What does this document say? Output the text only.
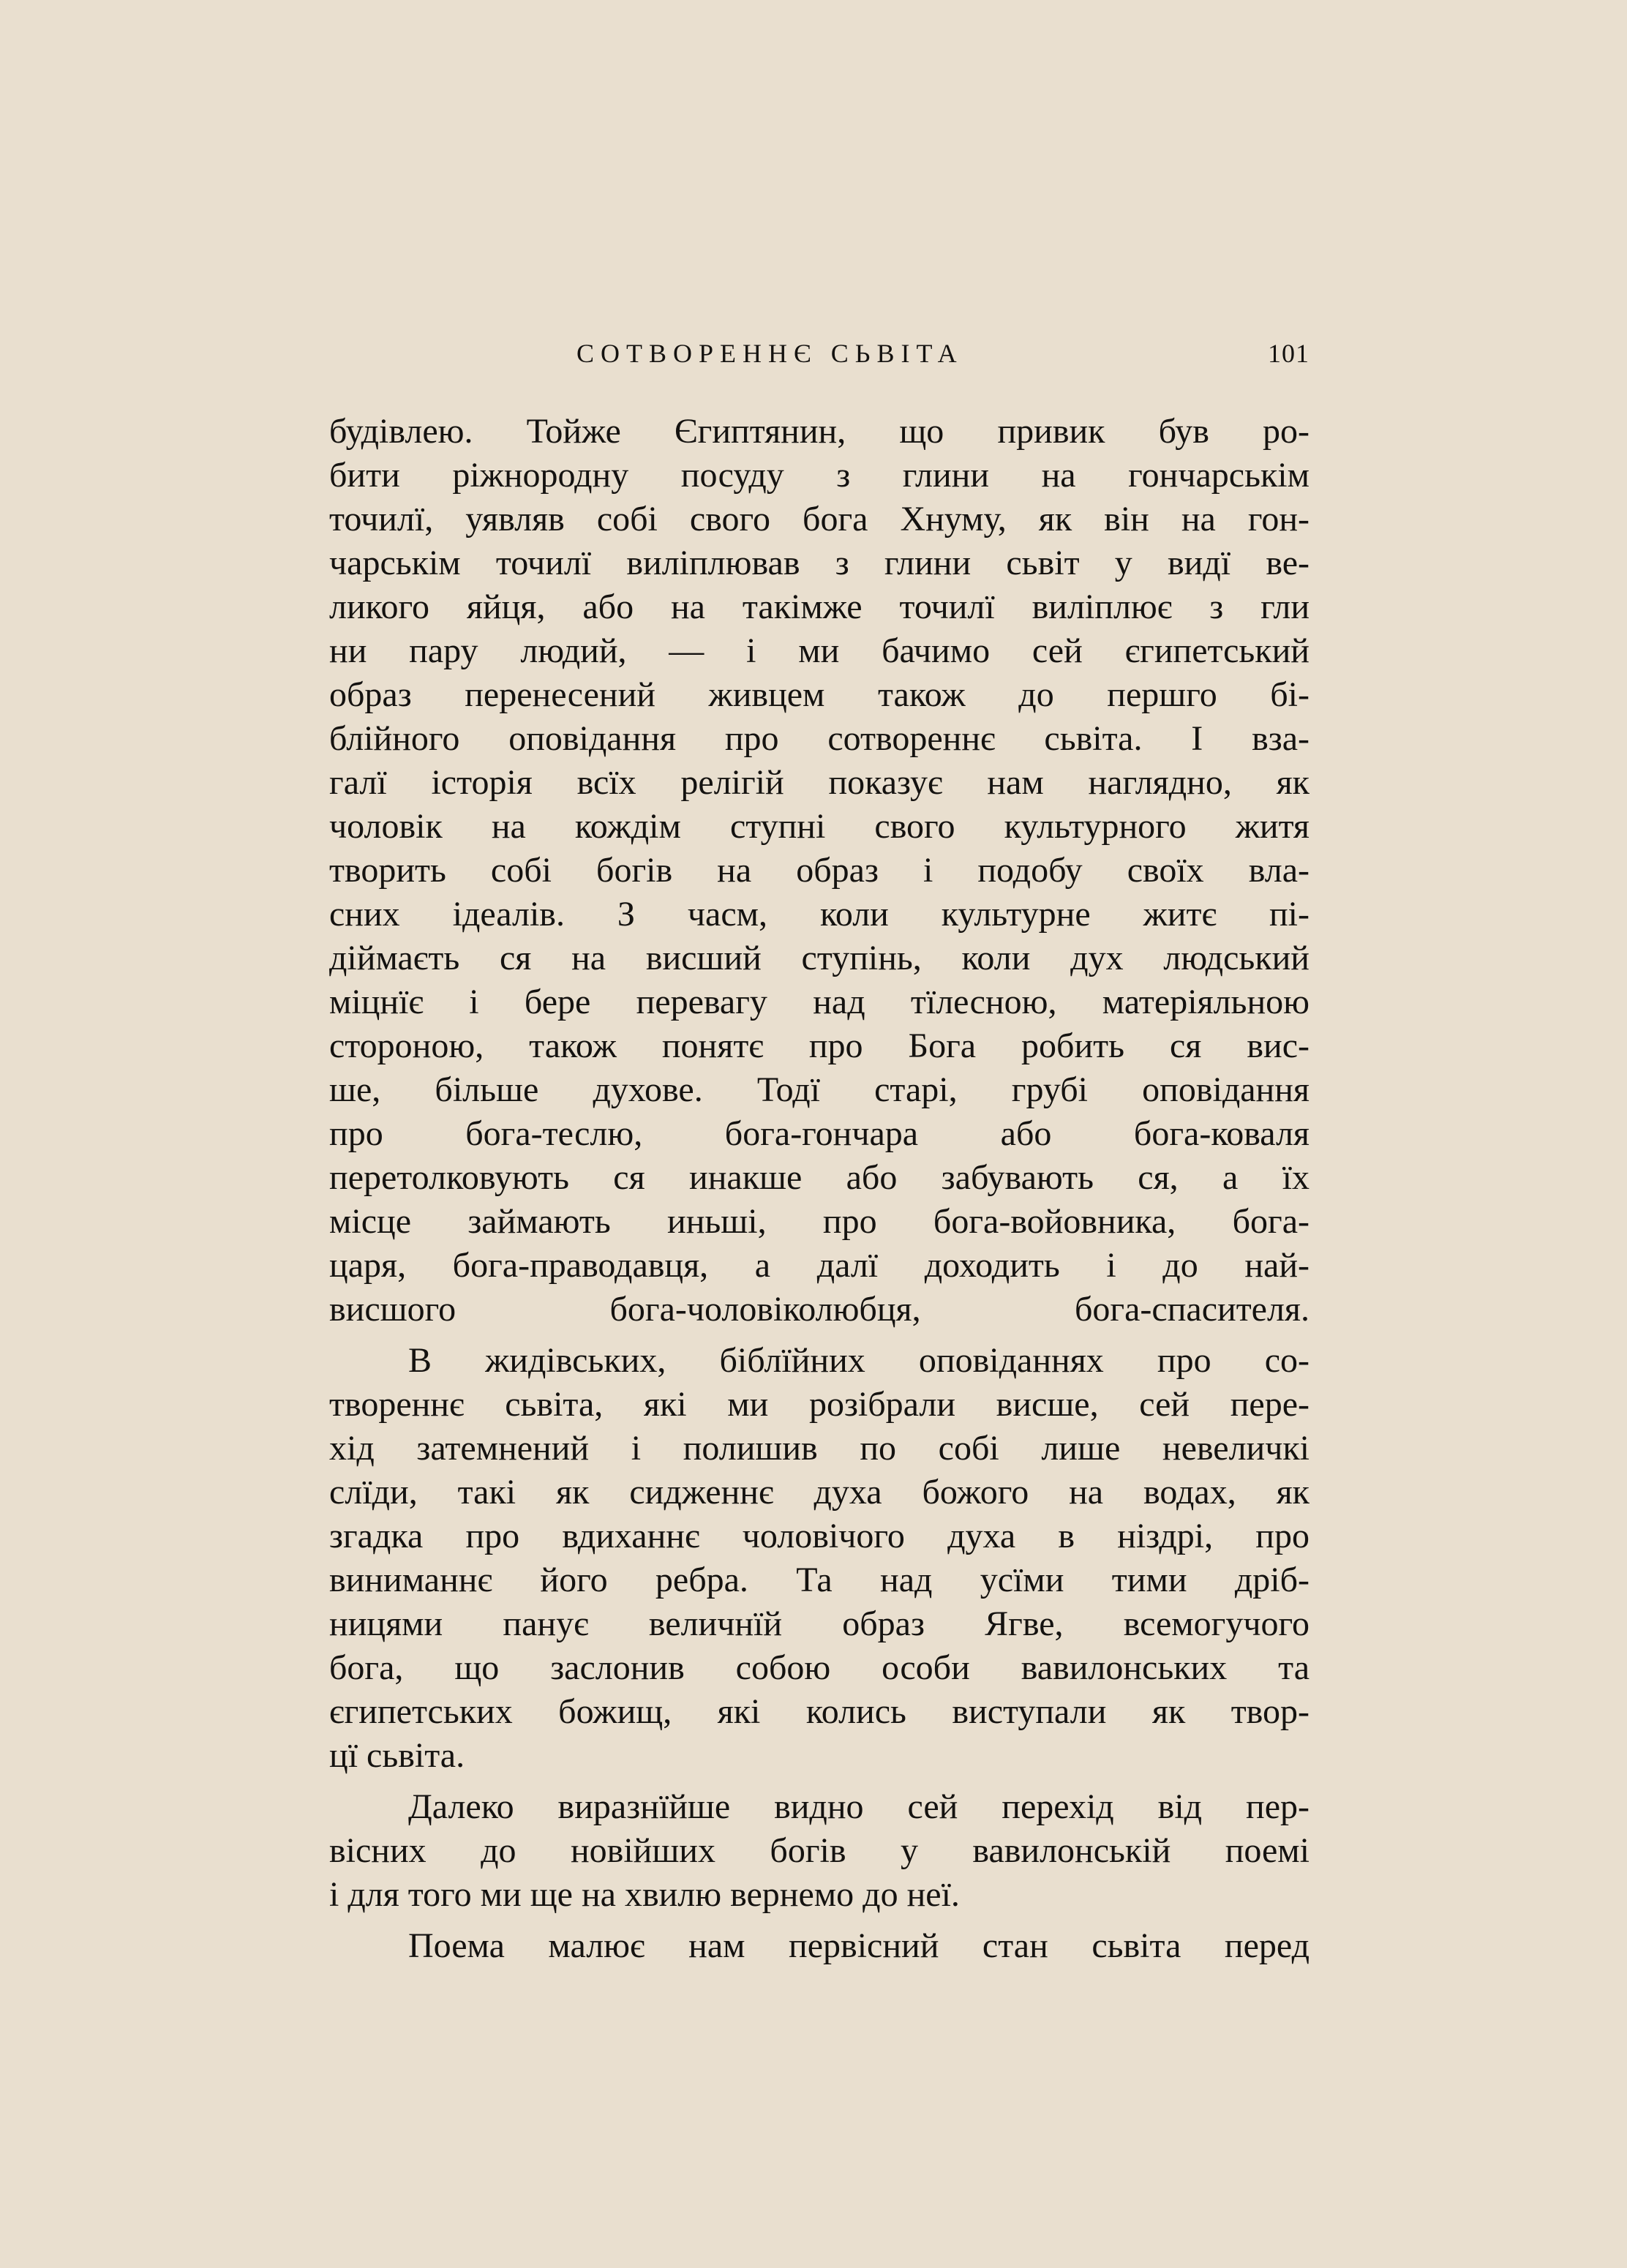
СОТВОРЕННЄ СЬВІТА	101
будівлею. Тойже Єгиптянин, що привик був ро-
бити ріжнородну посуду з глини на гончарськім
точилї, уявляв собі свого бога Хнуму, як він на гон-
чарськім точилї виліплював з глини сьвіт у видї ве-
ликого яйця, або на такімже точилї виліплює з гли
ни пару людий, — і ми бачимо сей єгипетський
образ перенесений живцем також до першго бі-
блійного оповідання про сотвореннє сьвіта. І вза-
галї історія всїх релігій показує нам наглядно, як
чоловік на кождім ступні свого культурного житя
творить собі богів на образ і подобу своїх вла-
сних ідеалів. З часм, коли культурне житє пі-
діймаєть ся на висший ступінь, коли дух людський
міцнїє і бере перевагу над тїлесною, матеріяльною
стороною, також понятє про Бога робить ся вис-
ше, більше духове. Тодї старі, грубі оповідання
про бога-теслю, бога-гончара або бога-коваля
перетолковують ся инакше або забувають ся, а їх
місце займають иньші, про бога-войовника, бога-
царя, бога-праводавця, а далї доходить і до най-
висшого бога-чоловіколюбця, бога-спасителя.
В жидівських, біблїйних оповіданнях про со-
твореннє сьвіта, які ми розібрали висше, сей пере-
хід затемнений і полишив по собі лише невеличкі
слїди, такі як сидженнє духа божого на водах, як
згадка про вдиханнє чоловічого духа в ніздрі, про
виниманнє його ребра. Та над усїми тими дріб-
ницями панує величнїй образ Ягве, всемогучого
бога, що заслонив собою особи вавилонських та
єгипетських божищ, які колись виступали як твор-
цї сьвіта.
Далеко виразнїйше видно сей перехід від пер-
вісних до новійших богів у вавилонській поемі
і для того ми ще на хвилю вернемо до неї.
Поема малює нам первісний стан сьвіта перед
